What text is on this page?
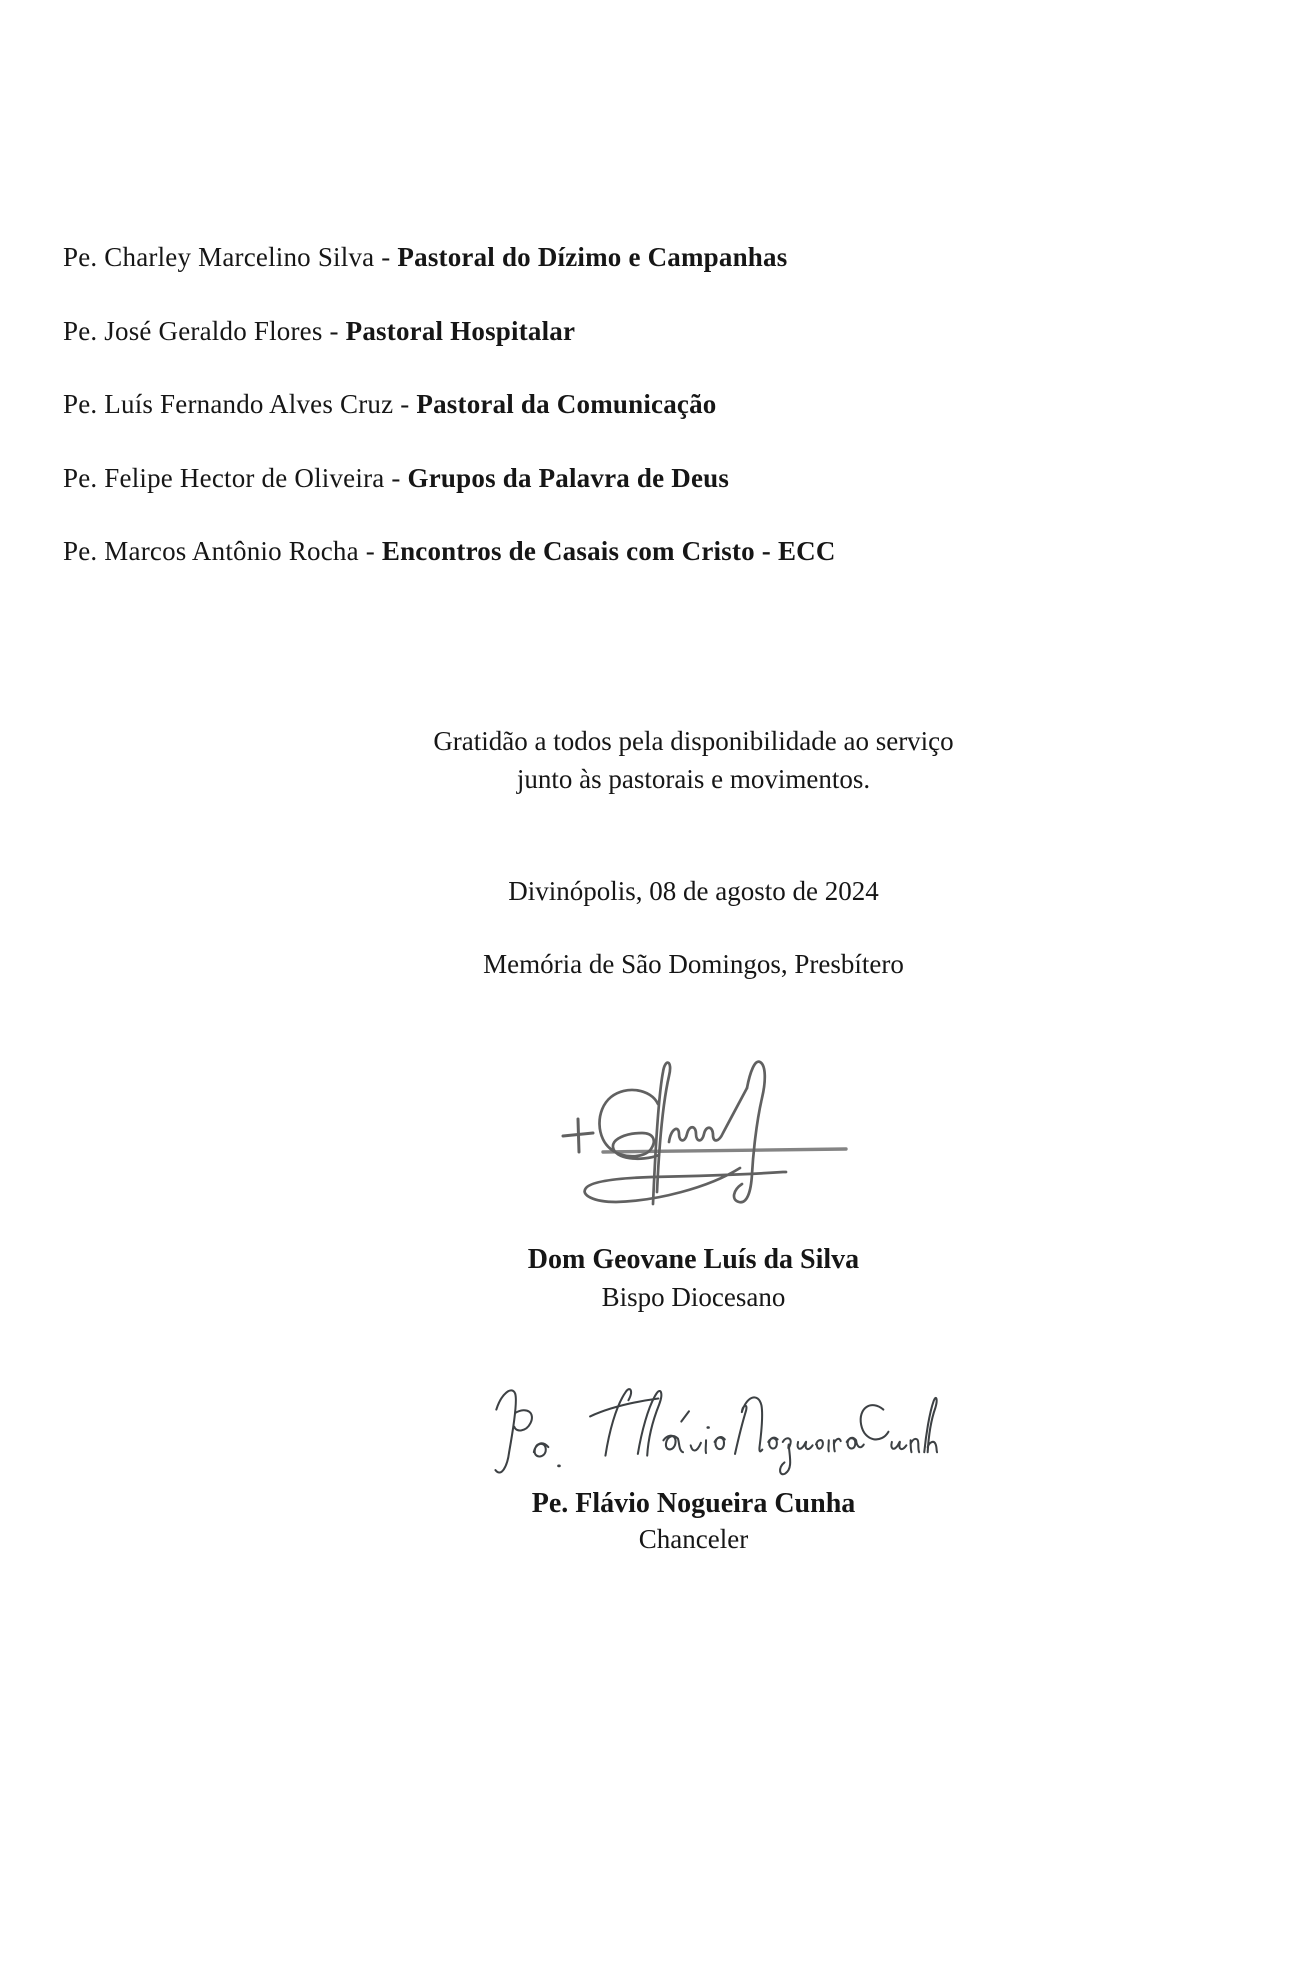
Pe. Charley Marcelino Silva - Pastoral do Dízimo e Campanhas

Pe. José Geraldo Flores - Pastoral Hospitalar

Pe. Luís Fernando Alves Cruz - Pastoral da Comunicação

Pe. Felipe Hector de Oliveira - Grupos da Palavra de Deus

Pe. Marcos Antônio Rocha - Encontros de Casais com Cristo - ECC

Gratidão a todos pela disponibilidade ao serviço
junto às pastorais e movimentos.

Divinópolis, 08 de agosto de 2024

Memória de São Domingos, Presbítero

Dom Geovane Luís da Silva

Bispo Diocesano

Pe. Flávio Nogueira Cunha

Chanceler
